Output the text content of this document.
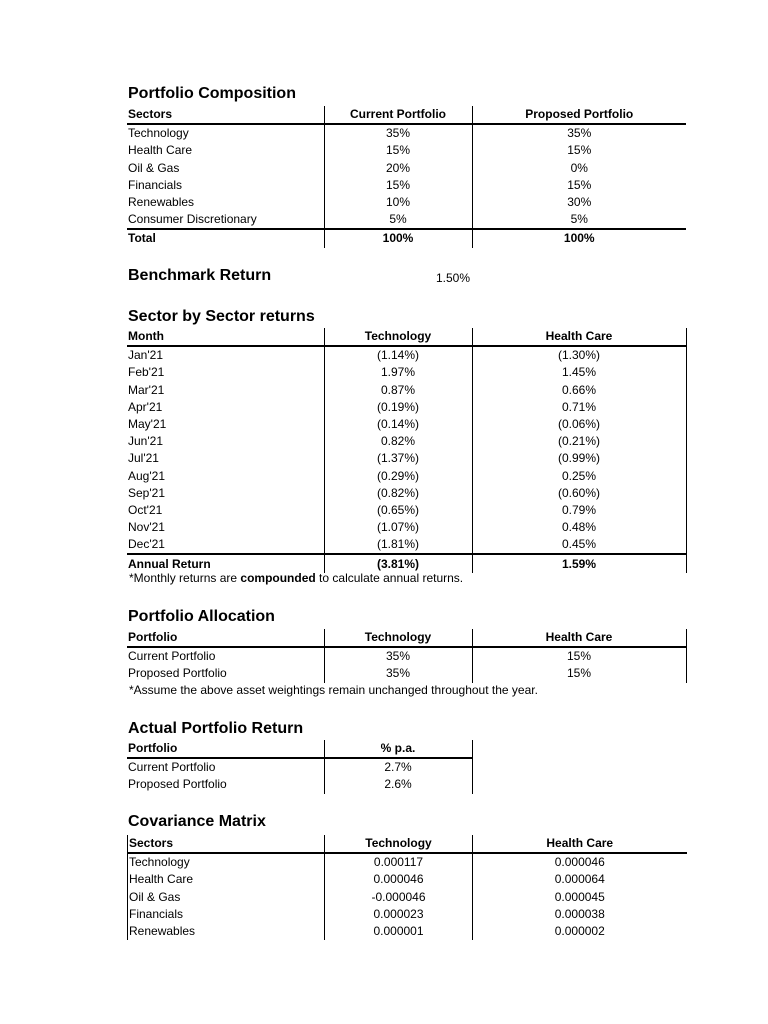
Portfolio Composition
Sectors	Current Portfolio	Proposed Portfolio
Technology	35%	35%
Health Care	15%	15%
Oil & Gas	20%	0%
Financials	15%	15%
Renewables	10%	30%
Consumer Discretionary	5%	5%
Total	100%	100%
Benchmark Return	1.50%
Sector by Sector returns
Month	Technology	Health Care
Jan'21	(1.14%)	(1.30%)
Feb'21	1.97%	1.45%
Mar'21	0.87%	0.66%
Apr'21	(0.19%)	0.71%
May'21	(0.14%)	(0.06%)
Jun'21	0.82%	(0.21%)
Jul'21	(1.37%)	(0.99%)
Aug'21	(0.29%)	0.25%
Sep'21	(0.82%)	(0.60%)
Oct'21	(0.65%)	0.79%
Nov'21	(1.07%)	0.48%
Dec'21	(1.81%)	0.45%
Annual Return	(3.81%)	1.59%
*Monthly returns are compounded to calculate annual returns.
Portfolio Allocation
Portfolio	Technology	Health Care
Current Portfolio	35%	15%
Proposed Portfolio	35%	15%
*Assume the above asset weightings remain unchanged throughout the year.
Actual Portfolio Return
Portfolio	% p.a.
Current Portfolio	2.7%
Proposed Portfolio	2.6%
Covariance Matrix
Sectors	Technology	Health Care
Technology	0.000117	0.000046
Health Care	0.000046	0.000064
Oil & Gas	-0.000046	0.000045
Financials	0.000023	0.000038
Renewables	0.000001	0.000002
